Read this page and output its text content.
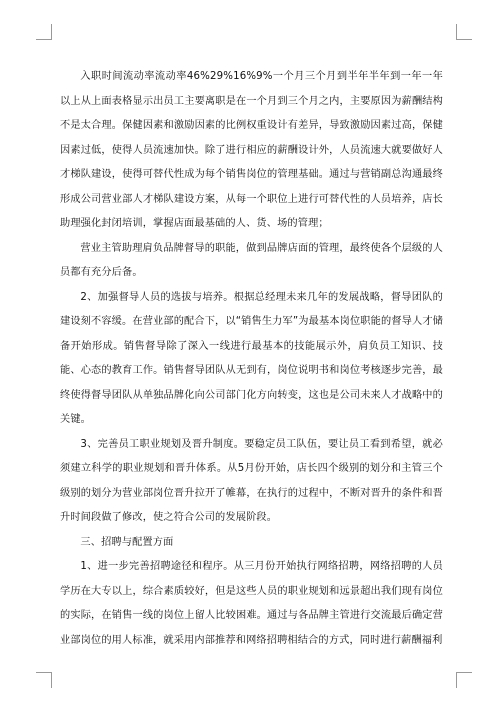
入职时间流动率流动率46%29%16%9%一个月三个月到半年半年到一年一年以上从上面表格显示出员工主要离职是在一个月到三个月之内，主要原因为薪酬结构不是太合理。保健因素和激励因素的比例权重设计有差异，导致激励因素过高，保健因素过低，使得人员流速加快。除了进行相应的薪酬设计外，人员流速大就要做好人才梯队建设，使得可替代性成为每个销售岗位的管理基础。通过与营销副总沟通最终形成公司营业部人才梯队建设方案，从每一个职位上进行可替代性的人员培养，店长助理强化封闭培训，掌握店面最基础的人、货、场的管理；

营业主管助理肩负品牌督导的职能，做到品牌店面的管理，最终使各个层级的人员都有充分后备。

2、加强督导人员的选拔与培养。根据总经理未来几年的发展战略，督导团队的建设刻不容缓。在营业部的配合下，以“销售生力军”为最基本岗位职能的督导人才储备开始形成。销售督导除了深入一线进行最基本的技能展示外，肩负员工知识、技能、心态的教育工作。销售督导团队从无到有，岗位说明书和岗位考核逐步完善，最终使得督导团队从单独品牌化向公司部门化方向转变，这也是公司未来人才战略中的关键。

3、完善员工职业规划及晋升制度。要稳定员工队伍，要让员工看到希望，就必须建立科学的职业规划和晋升体系。从5月份开始，店长四个级别的划分和主管三个级别的划分为营业部岗位晋升拉开了帷幕，在执行的过程中，不断对晋升的条件和晋升时间段做了修改，使之符合公司的发展阶段。

三、招聘与配置方面

1、进一步完善招聘途径和程序。从三月份开始执行网络招聘，网络招聘的人员学历在大专以上，综合素质较好，但是这些人员的职业规划和远景超出我们现有岗位的实际，在销售一线的岗位上留人比较困难。通过与各品牌主管进行交流最后确定营业部岗位的用人标准，就采用内部推荐和网络招聘相结合的方式，同时进行薪酬福利
